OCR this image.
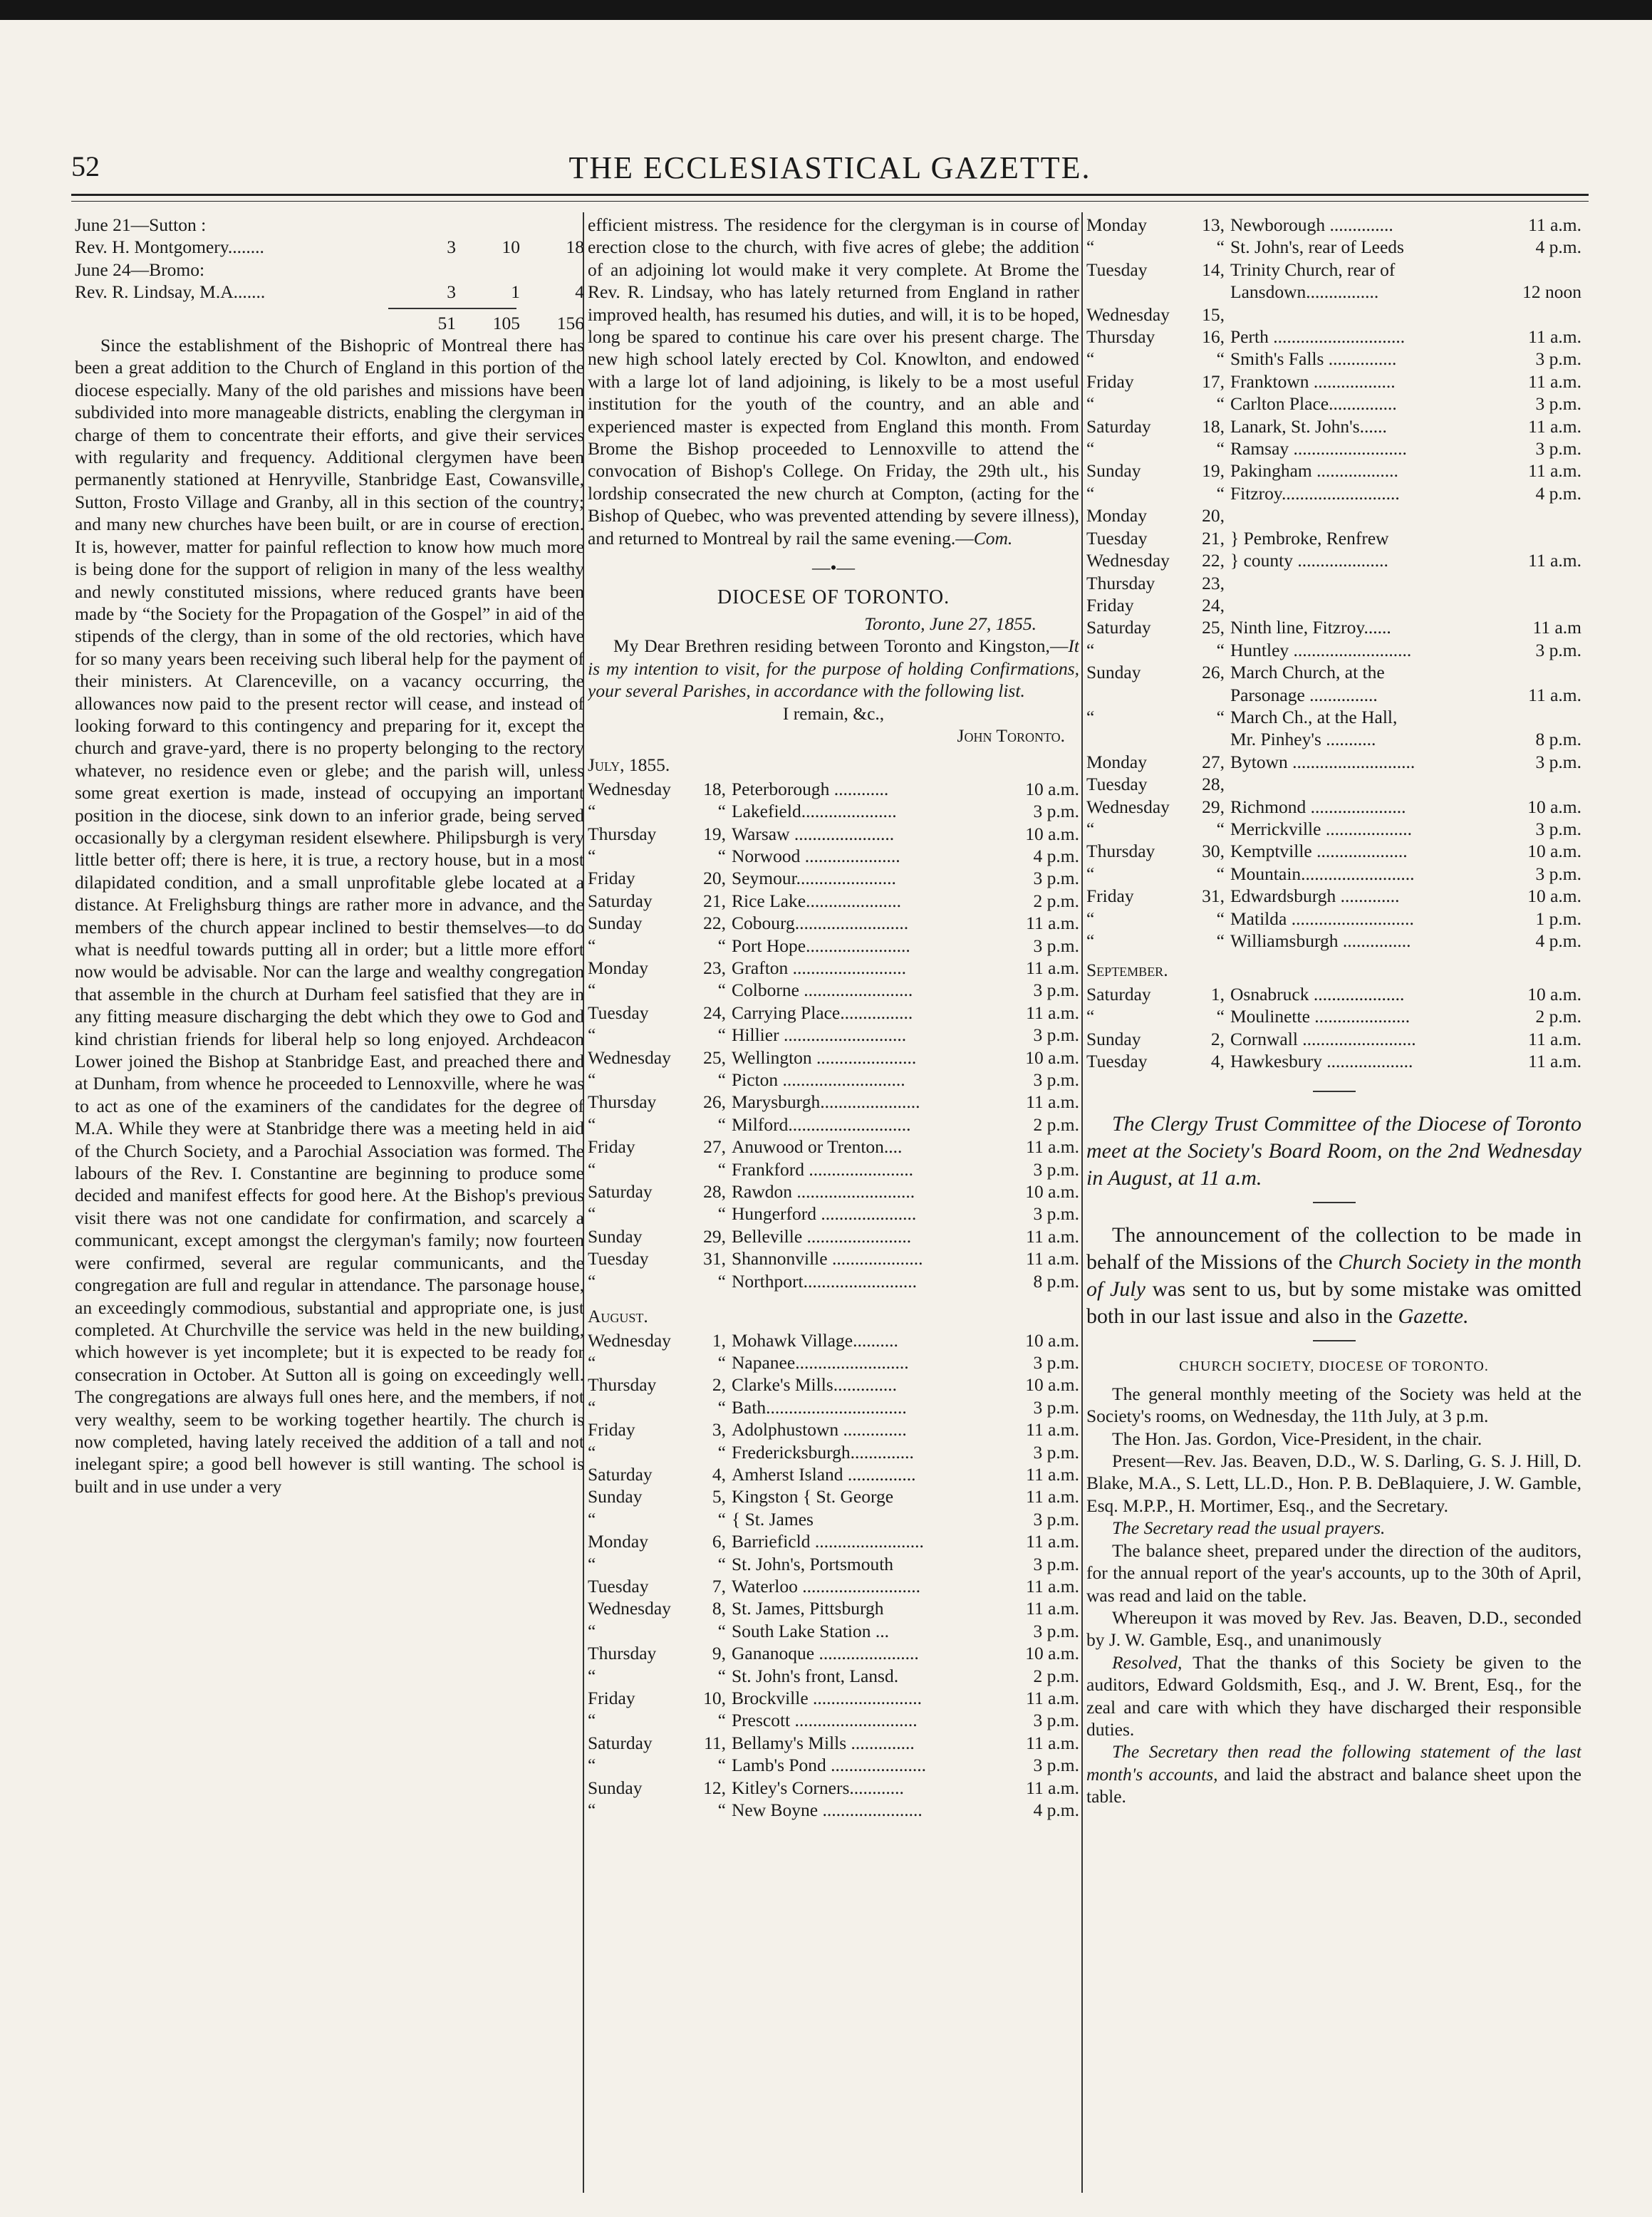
52	THE ECCLESIASTICAL GAZETTE.
June 21—Sutton :			
Rev. H. Montgomery........	3	10	18
June 24—Bromo:			
Rev. R. Lindsay, M.A.......	3	1	4
	51	105	156

Since the establishment of the Bishopric of Montreal there has been a great addition to the Church of England in this portion of the diocese especially. Many of the old parishes and missions have been subdivided into more manageable districts, enabling the clergyman in charge of them to concentrate their efforts, and give their services with regularity and frequency. Additional clergymen have been permanently stationed at Henryville, Stanbridge East, Cowansville, Sutton, Frosto Village and Granby, all in this section of the country; and many new churches have been built, or are in course of erection. It is, however, matter for painful reflection to know how much more is being done for the support of religion in many of the less wealthy and newly constituted missions, where reduced grants have been made by “the Society for the Propagation of the Gospel” in aid of the stipends of the clergy, than in some of the old rectories, which have for so many years been receiving such liberal help for the payment of their ministers. At Clarenceville, on a vacancy occurring, the allowances now paid to the present rector will cease, and instead of looking forward to this contingency and preparing for it, except the church and grave-yard, there is no property belonging to the rectory whatever, no residence even or glebe; and the parish will, unless some great exertion is made, instead of occupying an important position in the diocese, sink down to an inferior grade, being served occasionally by a clergyman resident elsewhere. Philipsburgh is very little better off; there is here, it is true, a rectory house, but in a most dilapidated condition, and a small unprofitable glebe located at a distance. At Frelighsburg things are rather more in advance, and the members of the church appear inclined to bestir themselves—to do what is needful towards putting all in order; but a little more effort now would be advisable. Nor can the large and wealthy congregation that assemble in the church at Durham feel satisfied that they are in any fitting measure discharging the debt which they owe to God and kind christian friends for liberal help so long enjoyed. Archdeacon Lower joined the Bishop at Stanbridge East, and preached there and at Dunham, from whence he proceeded to Lennoxville, where he was to act as one of the examiners of the candidates for the degree of M.A. While they were at Stanbridge there was a meeting held in aid of the Church Society, and a Parochial Association was formed. The labours of the Rev. I. Constantine are beginning to produce some decided and manifest effects for good here. At the Bishop's previous visit there was not one candidate for confirmation, and scarcely a communicant, except amongst the clergyman's family; now fourteen were confirmed, several are regular communicants, and the congregation are full and regular in attendance. The parsonage house, an exceedingly commodious, substantial and appropriate one, is just completed. At Churchville the service was held in the new building, which however is yet incomplete; but it is expected to be ready for consecration in October. At Sutton all is going on exceedingly well. The congregations are always full ones here, and the members, if not very wealthy, seem to be working together heartily. The church is now completed, having lately received the addition of a tall and not inelegant spire; a good bell however is still wanting. The school is built and in use under a very

efficient mistress. The residence for the clergyman is in course of erection close to the church, with five acres of glebe; the addition of an adjoining lot would make it very complete. At Brome the Rev. R. Lindsay, who has lately returned from England in rather improved health, has resumed his duties, and will, it is to be hoped, long be spared to continue his care over his present charge. The new high school lately erected by Col. Knowlton, and endowed with a large lot of land adjoining, is likely to be a most useful institution for the youth of the country, and an able and experienced master is expected from England this month. From Brome the Bishop proceeded to Lennoxville to attend the convocation of Bishop's College. On Friday, the 29th ult., his lordship consecrated the new church at Compton, (acting for the Bishop of Quebec, who was prevented attending by severe illness), and returned to Montreal by rail the same evening.—Com.

—•—
DIOCESE OF TORONTO.

Toronto, June 27, 1855.

My Dear Brethren residing between Toronto and Kingston,—It is my intention to visit, for the purpose of holding Confirmations, your several Parishes, in accordance with the following list.

I remain, &c.,

John Toronto.

July, 1855.

Wednesday	18,	Peterborough ............	10 a.m.
“	“	Lakefield.....................	3 p.m.
Thursday	19,	Warsaw ......................	10 a.m.
“	“	Norwood .....................	4 p.m.
Friday	20,	Seymour......................	3 p.m.
Saturday	21,	Rice Lake.....................	2 p.m.
Sunday	22,	Cobourg.........................	11 a.m.
“	“	Port Hope.......................	3 p.m.
Monday	23,	Grafton .........................	11 a.m.
“	“	Colborne ........................	3 p.m.
Tuesday	24,	Carrying Place................	11 a.m.
“	“	Hillier ...........................	3 p.m.
Wednesday	25,	Wellington ......................	10 a.m.
“	“	Picton ...........................	3 p.m.
Thursday	26,	Marysburgh......................	11 a.m.
“	“	Milford...........................	2 p.m.
Friday	27,	Anuwood or Trenton....	11 a.m.
“	“	Frankford .......................	3 p.m.
Saturday	28,	Rawdon ..........................	10 a.m.
“	“	Hungerford .....................	3 p.m.
Sunday	29,	Belleville .......................	11 a.m.
Tuesday	31,	Shannonville ....................	11 a.m.
“	“	Northport.........................	8 p.m.

August.

Wednesday	1,	Mohawk Village..........	10 a.m.
“	“	Napanee.........................	3 p.m.
Thursday	2,	Clarke's Mills..............	10 a.m.
“	“	Bath...............................	3 p.m.
Friday	3,	Adolphustown ..............	11 a.m.
“	“	Fredericksburgh..............	3 p.m.
Saturday	4,	Amherst Island ...............	11 a.m.
Sunday	5,	Kingston { St. George	11 a.m.
“	“	{ St. James	3 p.m.
Monday	6,	Barrieficld ........................	11 a.m.
“	“	St. John's, Portsmouth	3 p.m.
Tuesday	7,	Waterloo ..........................	11 a.m.
Wednesday	8,	St. James, Pittsburgh	11 a.m.
“	“	South Lake Station ...	3 p.m.
Thursday	9,	Gananoque ......................	10 a.m.
“	“	St. John's front, Lansd.	2 p.m.
Friday	10,	Brockville ........................	11 a.m.
“	“	Prescott ...........................	3 p.m.
Saturday	11,	Bellamy's Mills ..............	11 a.m.
“	“	Lamb's Pond .....................	3 p.m.
Sunday	12,	Kitley's Corners............	11 a.m.
“	“	New Boyne ......................	4 p.m.
Monday	13,	Newborough ..............	11 a.m.
“	“	St. John's, rear of Leeds	4 p.m.
Tuesday	14,	Trinity Church, rear of	
		Lansdown................	12 noon
Wednesday	15,		
Thursday	16,	Perth .............................	11 a.m.
“	“	Smith's Falls ...............	3 p.m.
Friday	17,	Franktown ..................	11 a.m.
“	“	Carlton Place...............	3 p.m.
Saturday	18,	Lanark, St. John's......	11 a.m.
“	“	Ramsay .........................	3 p.m.
Sunday	19,	Pakingham ..................	11 a.m.
“	“	Fitzroy..........................	4 p.m.
Monday	20,		
Tuesday	21,	} Pembroke, Renfrew	
Wednesday	22,	} county ....................	11 a.m.
Thursday	23,		
Friday	24,		
Saturday	25,	Ninth line, Fitzroy......	11 a.m
“	“	Huntley ..........................	3 p.m.
Sunday	26,	March Church, at the	
		Parsonage ...............	11 a.m.
“	“	March Ch., at the Hall,	
		Mr. Pinhey's ...........	8 p.m.
Monday	27,	Bytown ...........................	3 p.m.
Tuesday	28,		
Wednesday	29,	Richmond .....................	10 a.m.
“	“	Merrickville ...................	3 p.m.
Thursday	30,	Kemptville ....................	10 a.m.
“	“	Mountain.........................	3 p.m.
Friday	31,	Edwardsburgh .............	10 a.m.
“	“	Matilda ...........................	1 p.m.
“	“	Williamsburgh ...............	4 p.m.

September.

Saturday	1,	Osnabruck ....................	10 a.m.
“	“	Moulinette .....................	2 p.m.
Sunday	2,	Cornwall .........................	11 a.m.
Tuesday	4,	Hawkesbury ...................	11 a.m.

The Clergy Trust Committee of the Diocese of Toronto meet at the Society's Board Room, on the 2nd Wednesday in August, at 11 a.m.

The announcement of the collection to be made in behalf of the Missions of the Church Society in the month of July was sent to us, but by some mistake was omitted both in our last issue and also in the Gazette.

CHURCH SOCIETY, DIOCESE OF TORONTO.

The general monthly meeting of the Society was held at the Society's rooms, on Wednesday, the 11th July, at 3 p.m.

The Hon. Jas. Gordon, Vice-President, in the chair.

Present—Rev. Jas. Beaven, D.D., W. S. Darling, G. S. J. Hill, D. Blake, M.A., S. Lett, LL.D., Hon. P. B. DeBlaquiere, J. W. Gamble, Esq. M.P.P., H. Mortimer, Esq., and the Secretary.

The Secretary read the usual prayers.

The balance sheet, prepared under the direction of the auditors, for the annual report of the year's accounts, up to the 30th of April, was read and laid on the table.

Whereupon it was moved by Rev. Jas. Beaven, D.D., seconded by J. W. Gamble, Esq., and unanimously

Resolved, That the thanks of this Society be given to the auditors, Edward Goldsmith, Esq., and J. W. Brent, Esq., for the zeal and care with which they have discharged their responsible duties.

The Secretary then read the following statement of the last month's accounts, and laid the abstract and balance sheet upon the table.
